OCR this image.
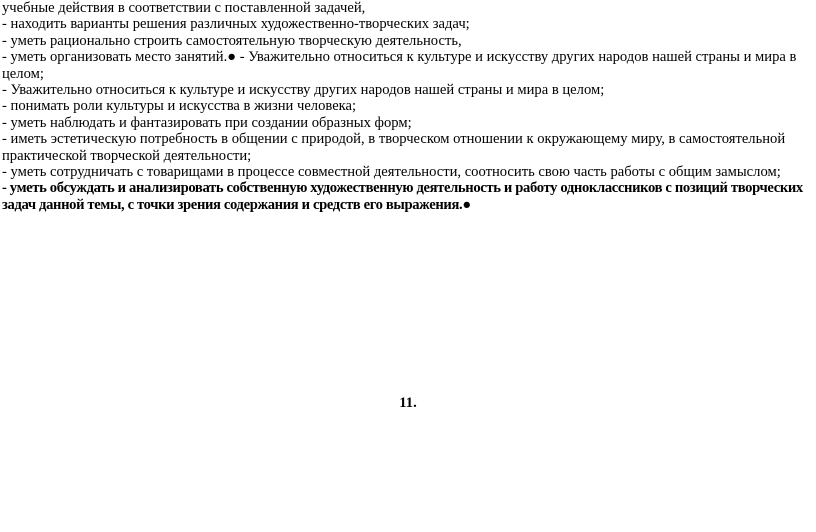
учебные действия в соответствии с поставленной задачей,

- находить варианты решения различных художественно-творческих задач;

- уметь рационально строить самостоятельную творческую деятельность,

- уметь организовать место занятий.● - Уважительно относиться к культуре и искусству других народов нашей страны и мира в целом;

- Уважительно относиться к культуре и искусству других народов нашей страны и мира в целом;

- понимать роли культуры и искусства в жизни человека;

- уметь наблюдать и фантазировать при создании образных форм;

- иметь эстетическую потребность в общении с природой, в творческом отношении к окружающему миру, в самостоятельной практической творческой деятельности;

- уметь сотрудничать с товарищами в процессе совместной деятельности, соотносить свою часть работы с общим замыслом;

- уметь обсуждать и анализировать собственную художественную деятельность и работу одноклассников с позиций творческих задач данной темы, с точки зрения содержания и средств его выражения.●

11.
